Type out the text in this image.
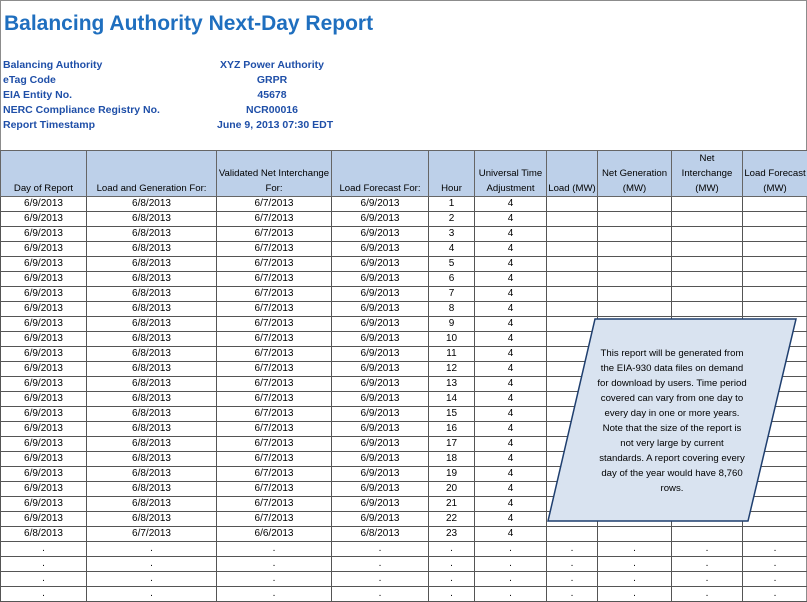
Balancing Authority Next-Day Report
Balancing Authority	XYZ Power Authority
eTag Code	GRPR
EIA Entity No.	45678
NERC Compliance Registry No.	NCR00016
Report Timestamp	June 9, 2013 07:30 EDT
Day of Report	Load and Generation For:	Validated Net Interchange For:	Load Forecast For:	Hour	Universal Time Adjustment	Load (MW)	Net Generation (MW)	Net Interchange (MW)	Load Forecast (MW)
6/9/2013	6/8/2013	6/7/2013	6/9/2013	1	4				
6/9/2013	6/8/2013	6/7/2013	6/9/2013	2	4				
6/9/2013	6/8/2013	6/7/2013	6/9/2013	3	4				
6/9/2013	6/8/2013	6/7/2013	6/9/2013	4	4				
6/9/2013	6/8/2013	6/7/2013	6/9/2013	5	4				
6/9/2013	6/8/2013	6/7/2013	6/9/2013	6	4				
6/9/2013	6/8/2013	6/7/2013	6/9/2013	7	4				
6/9/2013	6/8/2013	6/7/2013	6/9/2013	8	4				
6/9/2013	6/8/2013	6/7/2013	6/9/2013	9	4				
6/9/2013	6/8/2013	6/7/2013	6/9/2013	10	4				
6/9/2013	6/8/2013	6/7/2013	6/9/2013	11	4				
6/9/2013	6/8/2013	6/7/2013	6/9/2013	12	4				
6/9/2013	6/8/2013	6/7/2013	6/9/2013	13	4				
6/9/2013	6/8/2013	6/7/2013	6/9/2013	14	4				
6/9/2013	6/8/2013	6/7/2013	6/9/2013	15	4				
6/9/2013	6/8/2013	6/7/2013	6/9/2013	16	4				
6/9/2013	6/8/2013	6/7/2013	6/9/2013	17	4				
6/9/2013	6/8/2013	6/7/2013	6/9/2013	18	4				
6/9/2013	6/8/2013	6/7/2013	6/9/2013	19	4				
6/9/2013	6/8/2013	6/7/2013	6/9/2013	20	4				
6/9/2013	6/8/2013	6/7/2013	6/9/2013	21	4				
6/9/2013	6/8/2013	6/7/2013	6/9/2013	22	4				
6/8/2013	6/7/2013	6/6/2013	6/8/2013	23	4				
.	.	.	.	.	.	.	.	.	.
.	.	.	.	.	.	.	.	.	.
.	.	.	.	.	.	.	.	.	.
.	.	.	.	.	.	.	.	.	.
This report will be generated from the EIA-930 data files on demand for download by users. Time period covered can vary from one day to every day in one or more years. Note that the size of the report is not very large by current standards. A report covering every day of the year would have 8,760 rows.
